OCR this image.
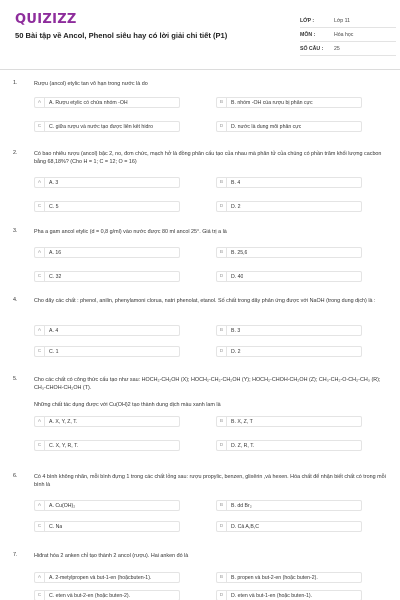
QUIZIZZ
50 Bài tập về Ancol, Phenol siêu hay có lời giải chi tiết (P1)
LỚP :	Lớp 11
MÔN :	Hóa học
SỐ CÂU :	25
1.	Rượu (ancol) etylic tan vô hạn trong nước là do
A	A. Rượu etylic có chứa nhóm -OH	B	B. nhóm -OH của rượu bị phân cực
C	C. giữa rượu và nước tạo được liên kết hidro	D	D. nước là dung môi phân cực
2.	Có bao nhiêu rượu (ancol) bậc 2, no, đơn chức, mạch hở là đồng phân cấu tạo của nhau mà phân tử của chúng có phần trăm khối lượng cacbon bằng 68,18%? (Cho H = 1; C = 12; O = 16)
A	A. 3	B	B. 4
C	C. 5	D	D. 2
3.	Pha a gam ancol etylic (d = 0,8 g/ml) vào nước được 80 ml ancol 25°. Giá trị a là
A	A. 16	B	B. 25,6
C	C. 32	D	D. 40
4.	Cho dãy các chất : phenol, anilin, phenylamoni clorua, natri phenolat, etanol. Số chất trong dãy phản ứng được với NaOH (trong dung dịch) là :
A	A. 4	B	B. 3
C	C. 1	D	D. 2
5.	Cho các chất có công thức cấu tạo như sau: HOCH₂-CH₂OH (X); HOCH₂-CH₂-CH₂OH (Y); HOCH₂-CHOH-CH₂OH (Z); CH₃-CH₂-O-CH₂-CH₃ (R); CH₃-CHOH-CH₂OH (T).
Những chất tác dụng được với Cu(OH)2 tạo thành dung dịch màu xanh lam là
A	A. X, Y, Z, T.	B	B. X, Z, T
C	C. X, Y, R, T.	D	D. Z, R, T.
6.	Có 4 bình không nhãn, mỗi bình đựng 1 trong các chất lỏng sau: rượu propylic, benzen, glixêrin ,và hexen. Hóa chất để nhận biết chất có trong mỗi bình là
A	A. Cu(OH)₂	B	B. dd Br₂
C	C. Na	D	D. Cả A,B,C
7.	Hiđrat hóa 2 anken chỉ tạo thành 2 ancol (rượu). Hai anken đó là
A	A. 2-metylpropen và but-1-en (hoặcbuten-1).	B	B. propen và but-2-en (hoặc buten-2).
C	C. eten và but-2-en (hoặc buten-2).	D	D. eten và but-1-en (hoặc buten-1).
